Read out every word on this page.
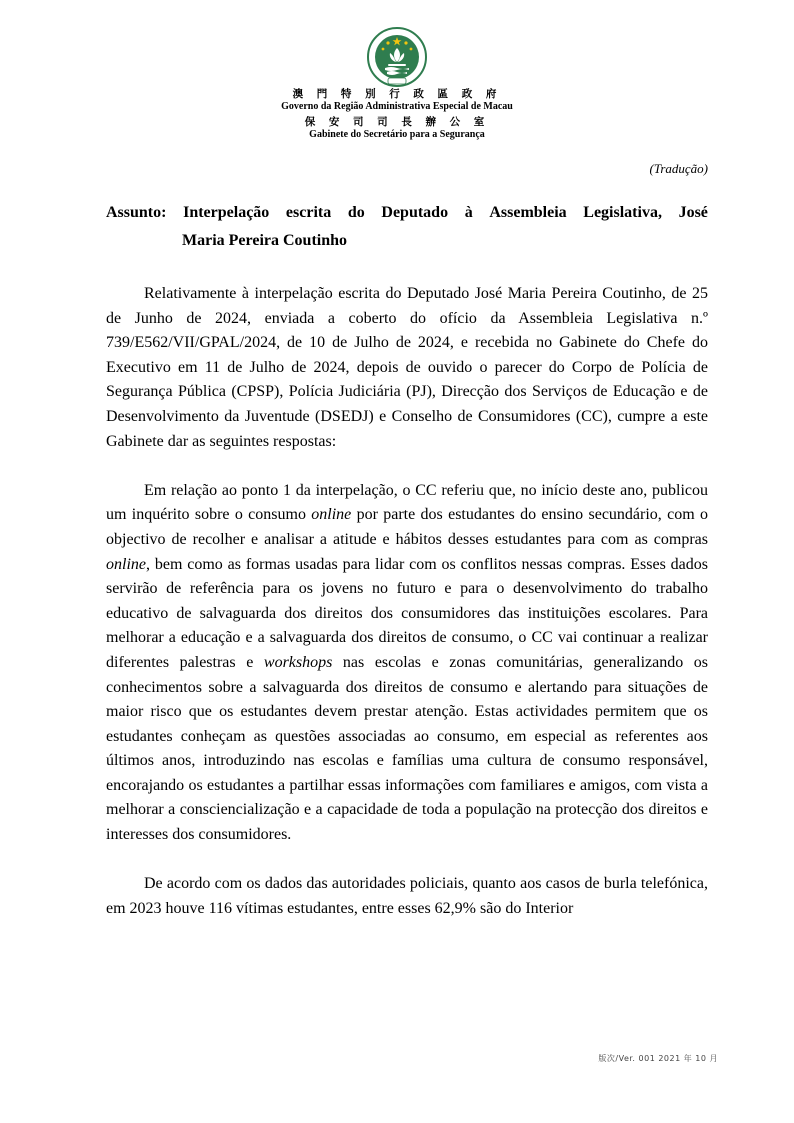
澳 門 特 別 行 政 區 政 府
Governo da Região Administrativa Especial de Macau
保 安 司 司 長 辦 公 室
Gabinete do Secretário para a Segurança
(Tradução)
Assunto: Interpelação escrita do Deputado à Assembleia Legislativa, José
Maria Pereira Coutinho

Relativamente à interpelação escrita do Deputado José Maria Pereira Coutinho, de 25 de Junho de 2024, enviada a coberto do ofício da Assembleia Legislativa n.º 739/E562/VII/GPAL/2024, de 10 de Julho de 2024, e recebida no Gabinete do Chefe do Executivo em 11 de Julho de 2024, depois de ouvido o parecer do Corpo de Polícia de Segurança Pública (CPSP), Polícia Judiciária (PJ), Direcção dos Serviços de Educação e de Desenvolvimento da Juventude (DSEDJ) e Conselho de Consumidores (CC), cumpre a este Gabinete dar as seguintes respostas:

Em relação ao ponto 1 da interpelação, o CC referiu que, no início deste ano, publicou um inquérito sobre o consumo online por parte dos estudantes do ensino secundário, com o objectivo de recolher e analisar a atitude e hábitos desses estudantes para com as compras online, bem como as formas usadas para lidar com os conflitos nessas compras. Esses dados servirão de referência para os jovens no futuro e para o desenvolvimento do trabalho educativo de salvaguarda dos direitos dos consumidores das instituições escolares. Para melhorar a educação e a salvaguarda dos direitos de consumo, o CC vai continuar a realizar diferentes palestras e workshops nas escolas e zonas comunitárias, generalizando os conhecimentos sobre a salvaguarda dos direitos de consumo e alertando para situações de maior risco que os estudantes devem prestar atenção. Estas actividades permitem que os estudantes conheçam as questões associadas ao consumo, em especial as referentes aos últimos anos, introduzindo nas escolas e famílias uma cultura de consumo responsável, encorajando os estudantes a partilhar essas informações com familiares e amigos, com vista a melhorar a consciencialização e a capacidade de toda a população na protecção dos direitos e interesses dos consumidores.

De acordo com os dados das autoridades policiais, quanto aos casos de burla telefónica, em 2023 houve 116 vítimas estudantes, entre esses 62,9% são do Interior

版次/Ver. 001 2021 年 10 月
